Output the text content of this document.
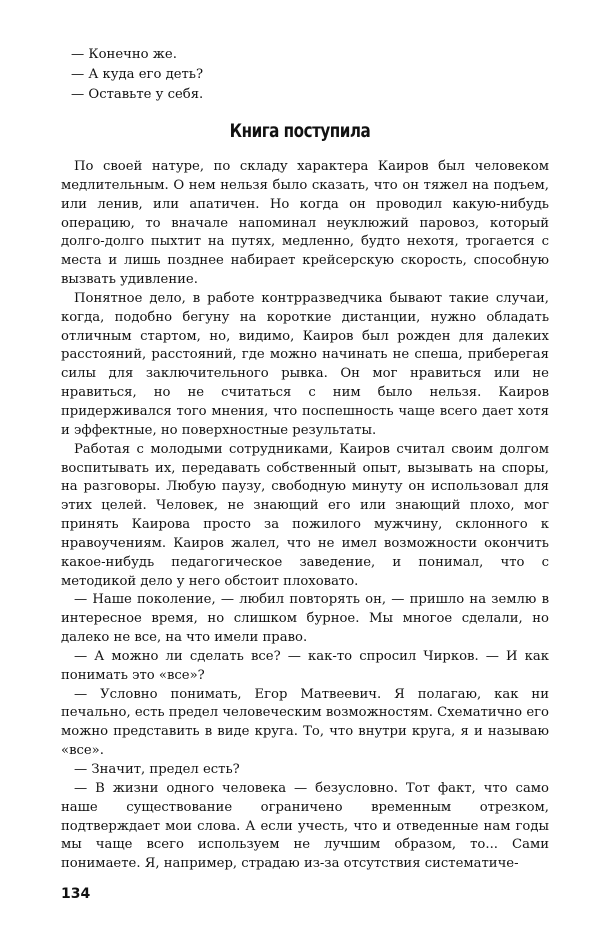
— Конечно же.

— А куда его деть?

— Оставьте у себя.

Книга поступила

По своей натуре, по складу характера Каиров был человеком медлительным. О нем нельзя было сказать, что он тяжел на подъем, или ленив, или апатичен. Но когда он проводил какую-нибудь операцию, то вначале напоминал неуклюжий паровоз, который долго-долго пыхтит на путях, медленно, будто нехотя, трогается с места и лишь позднее набирает крейсерскую скорость, способную вызвать удивление.

Понятное дело, в работе контрразведчика бывают такие случаи, когда, подобно бегуну на короткие дистанции, нужно обладать отличным стартом, но, видимо, Каиров был рожден для далеких расстояний, расстояний, где можно начинать не спеша, приберегая силы для заключительного рывка. Он мог нравиться или не нравиться, но не считаться с ним было нельзя. Каиров придерживался того мнения, что поспешность чаще всего дает хотя и эффектные, но поверхностные результаты.

Работая с молодыми сотрудниками, Каиров считал своим долгом воспитывать их, передавать собственный опыт, вызывать на споры, на разговоры. Любую паузу, свободную минуту он использовал для этих целей. Человек, не знающий его или знающий плохо, мог принять Каирова просто за пожилого мужчину, склонного к нравоучениям. Каиров жалел, что не имел возможности окончить какое-нибудь педагогическое заведение, и понимал, что с методикой дело у него обстоит плоховато.

— Наше поколение, — любил повторять он, — пришло на землю в интересное время, но слишком бурное. Мы многое сделали, но далеко не все, на что имели право.

— А можно ли сделать все? — как-то спросил Чирков. — И как понимать это «все»?

— Условно понимать, Егор Матвеевич. Я полагаю, как ни печально, есть предел человеческим возможностям. Схематично его можно представить в виде круга. То, что внутри круга, я и называю «все».

— Значит, предел есть?

— В жизни одного человека — безусловно. Тот факт, что само наше существование ограничено временным отрезком, подтверждает мои слова. А если учесть, что и отведенные нам годы мы чаще всего используем не лучшим образом, то... Сами понимаете. Я, например, страдаю из-за отсутствия систематиче-

134
